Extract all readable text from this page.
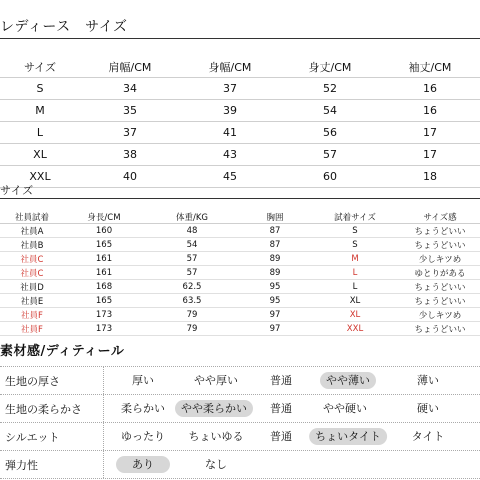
レディース　サイズ
サイズ	肩幅/CM	身幅/CM	身丈/CM	袖丈/CM
S	34	37	52	16
M	35	39	54	16
L	37	41	56	17
XL	38	43	57	17
XXL	40	45	60	18
サイズ
社員試着	身長/CM	体重/KG	胸囲	試着サイズ	サイズ感
社員A	160	48	87	S	ちょうどいい
社員B	165	54	87	S	ちょうどいい
社員C	161	57	89	M	少しキツめ
社員C	161	57	89	L	ゆとりがある
社員D	168	62.5	95	L	ちょうどいい
社員E	165	63.5	95	XL	ちょうどいい
社員F	173	79	97	XL	少しキツめ
社員F	173	79	97	XXL	ちょうどいい
素材感/ディティール
生地の厚さ	厚い	やや厚い	普通	やや薄い	薄い
生地の柔らかさ	柔らかい	やや柔らかい	普通	やや硬い	硬い
シルエット	ゆったり	ちょいゆる	普通	ちょいタイト	タイト
弾力性	あり	なし
